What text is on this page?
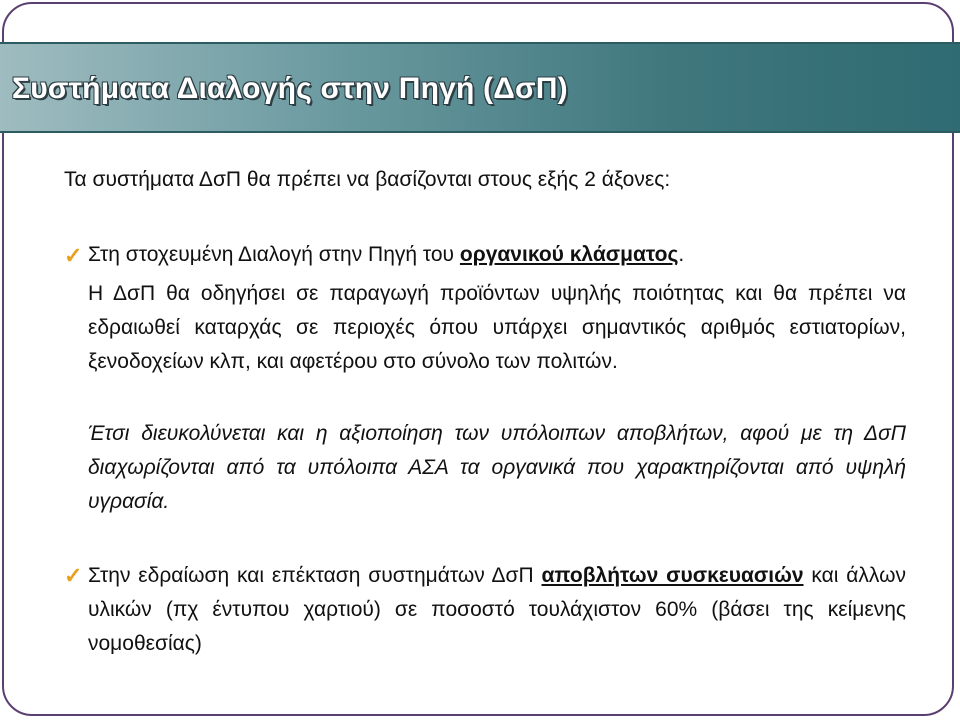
Συστήματα Διαλογής στην Πηγή (ΔσΠ)

Τα συστήματα ΔσΠ θα πρέπει να βασίζονται στους εξής 2 άξονες:

✓ Στη στοχευμένη Διαλογή στην Πηγή του οργανικού κλάσματος.

Η ΔσΠ θα οδηγήσει σε παραγωγή προϊόντων υψηλής ποιότητας και θα πρέπει να εδραιωθεί καταρχάς σε περιοχές όπου υπάρχει σημαντικός αριθμός εστιατορίων, ξενοδοχείων κλπ, και αφετέρου στο σύνολο των πολιτών.

Έτσι διευκολύνεται και η αξιοποίηση των υπόλοιπων αποβλήτων, αφού με τη ΔσΠ διαχωρίζονται από τα υπόλοιπα ΑΣΑ τα οργανικά που χαρακτηρίζονται από υψηλή υγρασία.

✓ Στην εδραίωση και επέκταση συστημάτων ΔσΠ αποβλήτων συσκευασιών και άλλων υλικών (πχ έντυπου χαρτιού) σε ποσοστό τουλάχιστον 60% (βάσει της κείμενης νομοθεσίας)
